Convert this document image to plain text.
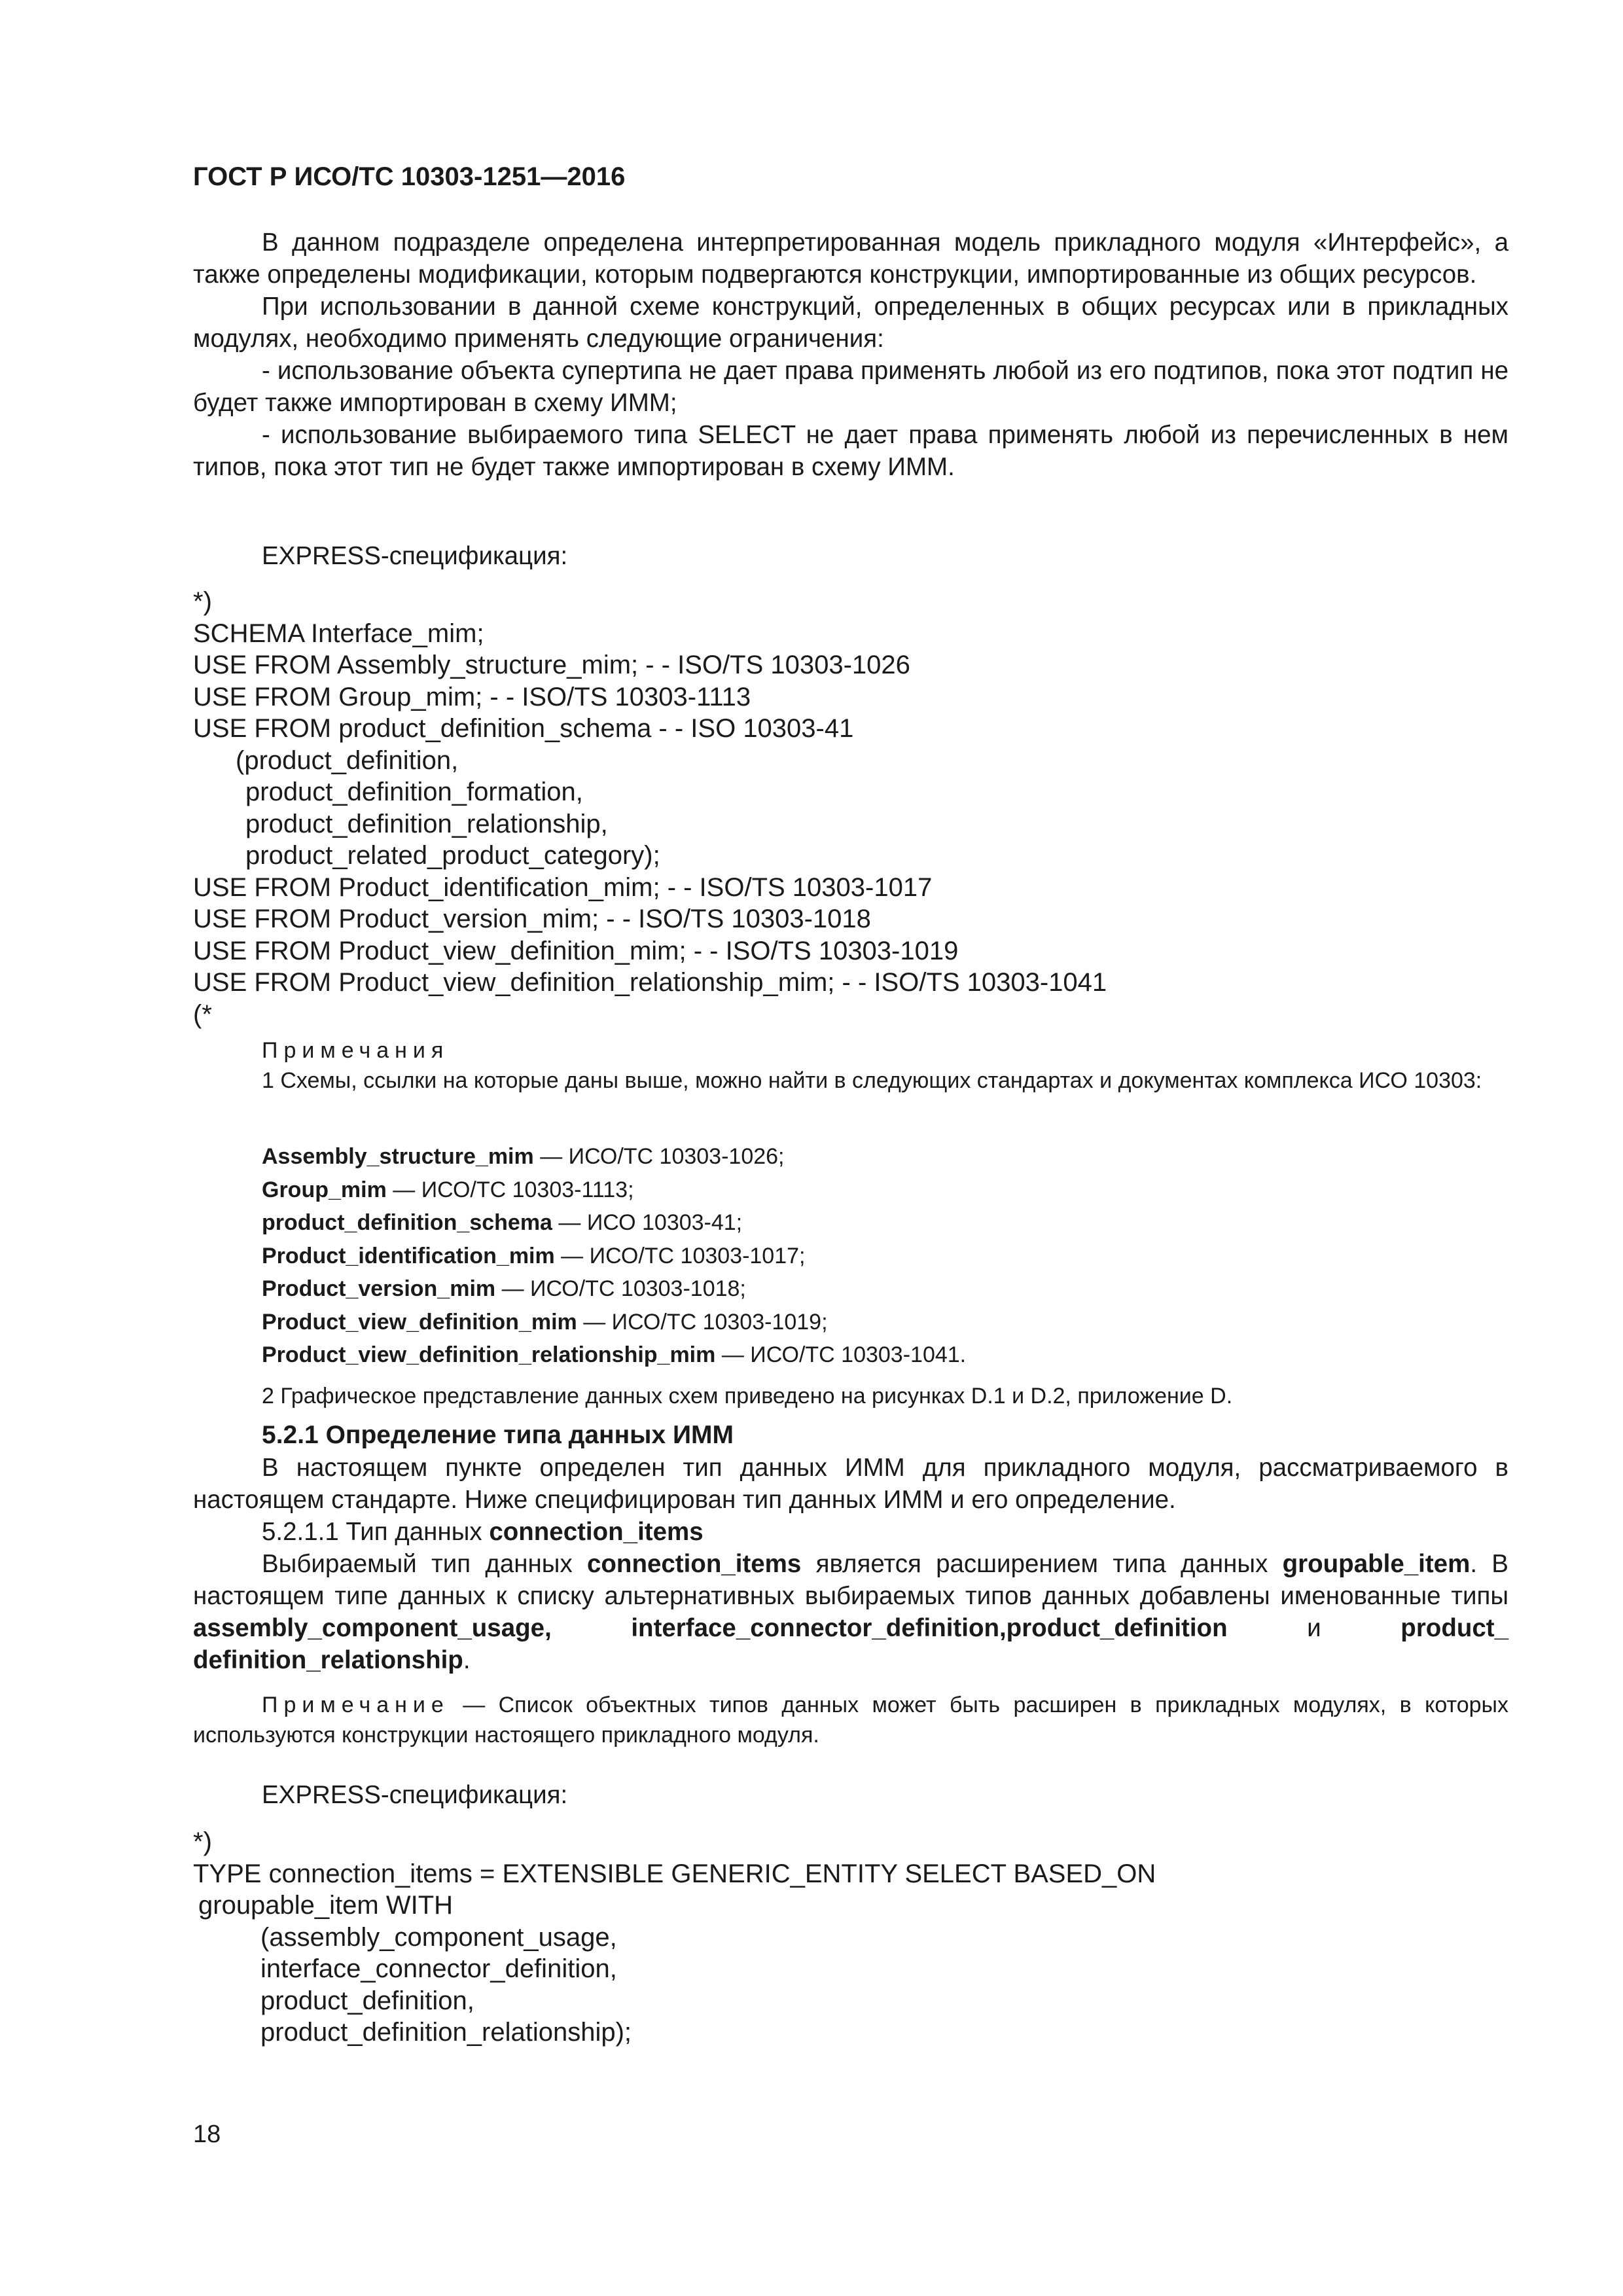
ГОСТ Р ИСО/ТС 10303-1251—2016

В данном подразделе определена интерпретированная модель прикладного модуля «Интерфейс», а также определены модификации, которым подвергаются конструкции, импортированные из общих ресурсов.

При использовании в данной схеме конструкций, определенных в общих ресурсах или в прикладных модулях, необходимо применять следующие ограничения:

- использование объекта супертипа не дает права применять любой из его подтипов, пока этот подтип не будет также импортирован в схему ИММ;

- использование выбираемого типа SELECT не дает права применять любой из перечисленных в нем типов, пока этот тип не будет также импортирован в схему ИММ.

EXPRESS-спецификация:

*)
SCHEMA Interface_mim;
USE FROM Assembly_structure_mim; - - ISO/TS 10303-1026
USE FROM Group_mim; - - ISO/TS 10303-1113
USE FROM product_definition_schema - - ISO 10303-41
(product_definition,
product_definition_formation,
product_definition_relationship,
product_related_product_category);
USE FROM Product_identification_mim; - - ISO/TS 10303-1017
USE FROM Product_version_mim; - - ISO/TS 10303-1018
USE FROM Product_view_definition_mim; - - ISO/TS 10303-1019
USE FROM Product_view_definition_relationship_mim; - - ISO/TS 10303-1041
(*

Примечания

1 Схемы, ссылки на которые даны выше, можно найти в следующих стандартах и документах комплекса ИСО 10303:

Assembly_structure_mim — ИСО/ТС 10303-1026;
Group_mim — ИСО/ТС 10303-1113;
product_definition_schema — ИСО 10303-41;
Product_identification_mim — ИСО/ТС 10303-1017;
Product_version_mim — ИСО/ТС 10303-1018;
Product_view_definition_mim — ИСО/ТС 10303-1019;
Product_view_definition_relationship_mim — ИСО/ТС 10303-1041.

2 Графическое представление данных схем приведено на рисунках D.1 и D.2, приложение D.

5.2.1 Определение типа данных ИММ

В настоящем пункте определен тип данных ИММ для прикладного модуля, рассматриваемого в настоящем стандарте. Ниже специфицирован тип данных ИММ и его определение.

5.2.1.1 Тип данных connection_items

Выбираемый тип данных connection_items является расширением типа данных groupable_item. В настоящем типе данных к списку альтернативных выбираемых типов данных добавлены именованные типы assembly_component_usage, interface_connector_definition,product_definition и product_ definition_relationship.

Примечание — Список объектных типов данных может быть расширен в прикладных модулях, в которых используются конструкции настоящего прикладного модуля.

EXPRESS-спецификация:

*)
TYPE connection_items = EXTENSIBLE GENERIC_ENTITY SELECT BASED_ON
groupable_item WITH
(assembly_component_usage,
interface_connector_definition,
product_definition,
product_definition_relationship);
18
